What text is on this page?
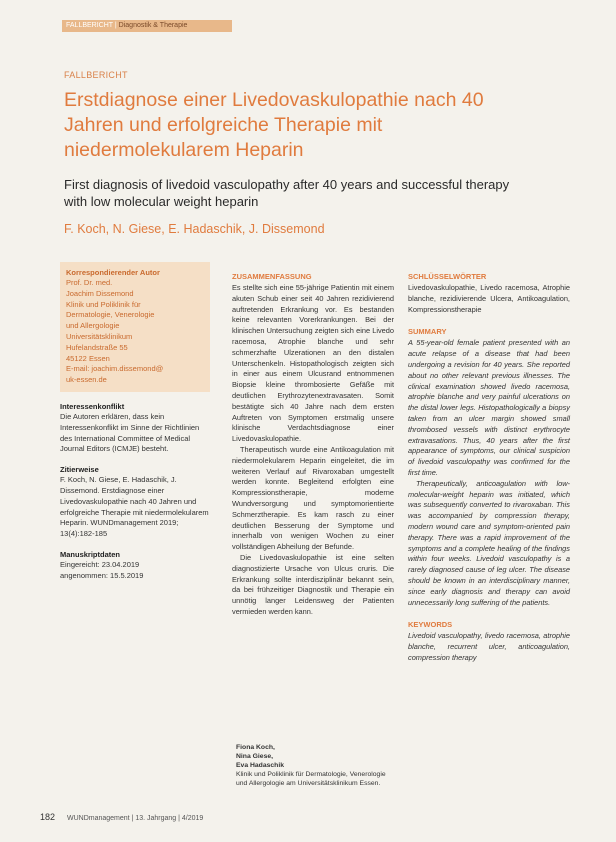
FALLBERICHT | Diagnostik & Therapie
FALLBERICHT
Erstdiagnose einer Livedovaskulopathie nach 40 Jahren und erfolgreiche Therapie mit niedermolekularem Heparin
First diagnosis of livedoid vasculopathy after 40 years and successful therapy with low molecular weight heparin
F. Koch, N. Giese, E. Hadaschik, J. Dissemond
Korrespondierender Autor
Prof. Dr. med.
Joachim Dissemond
Klinik und Poliklinik für
Dermatologie, Venerologie
und Allergologie
Universitätsklinikum
Hufelandstraße 55
45122 Essen
E-mail: joachim.dissemond@
uk-essen.de
Interessenkonflikt
Die Autoren erklären, dass kein Interessenkonflikt im Sinne der Richtlinien des International Committee of Medical Journal Editors (ICMJE) besteht.
Zitierweise
F. Koch, N. Giese, E. Hadaschik, J. Dissemond. Erstdiagnose einer Livedovaskulopathie nach 40 Jahren und erfolgreiche Therapie mit niedermolekularem Heparin. WUNDmanagement 2019; 13(4):182-185
Manuskriptdaten
Eingereicht: 23.04.2019
angenommen: 15.5.2019
ZUSAMMENFASSUNG
Es stellte sich eine 55-jährige Patientin mit einem akuten Schub einer seit 40 Jahren rezidivierend auftretenden Erkrankung vor. Es bestanden keine relevanten Vorerkrankungen. Bei der klinischen Untersuchung zeigten sich eine Livedo racemosa, Atrophie blanche und sehr schmerzhafte Ulzerationen an den distalen Unterschenkeln. Histopathologisch zeigten sich in einer aus einem Ulcusrand entnommenen Biopsie kleine thrombosierte Gefäße mit deutlichen Erythrozytenextravasaten. Somit bestätigte sich 40 Jahre nach dem ersten Auftreten von Symptomen erstmalig unsere klinische Verdachtsdiagnose einer Livedovaskulopathie.
Therapeutisch wurde eine Antikoagulation mit niedermolekularem Heparin eingeleitet, die im weiteren Verlauf auf Rivaroxaban umgestellt werden konnte. Begleitend erfolgten eine Kompressionstherapie, moderne Wundversorgung und symptomorientierte Schmerztherapie. Es kam rasch zu einer deutlichen Besserung der Symptome und innerhalb von wenigen Wochen zu einer vollständigen Abheilung der Befunde.
Die Livedovaskulopathie ist eine selten diagnostizierte Ursache von Ulcus cruris. Die Erkrankung sollte interdisziplinär bekannt sein, da bei frühzeitiger Diagnostik und Therapie ein unnötig langer Leidensweg der Patienten vermieden werden kann.
SCHLÜSSELWÖRTER
Livedovaskulopathie, Livedo racemosa, Atrophie blanche, rezidivierende Ulcera, Antikoagulation, Kompressionstherapie
SUMMARY
A 55-year-old female patient presented with an acute relapse of a disease that had been undergoing a revision for 40 years. She reported about no other relevant previous illnesses. The clinical examination showed livedo racemosa, atrophie blanche and very painful ulcerations on the distal lower legs. Histopathologically a biopsy taken from an ulcer margin showed small thrombosed vessels with distinct erythrocyte extravasations. Thus, 40 years after the first appearance of symptoms, our clinical suspicion of livedoid vasculopathy was confirmed for the first time.
Therapeutically, anticoagulation with low-molecular-weight heparin was initiated, which was subsequently converted to rivaroxaban. This was accompanied by compression therapy, modern wound care and symptom-oriented pain therapy. There was a rapid improvement of the symptoms and a complete healing of the findings within four weeks. Livedoid vasculopathy is a rarely diagnosed cause of leg ulcer. The disease should be known in an interdisciplinary manner, since early diagnosis and therapy can avoid unnecessarily long suffering of the patients.
KEYWORDS
Livedoid vasculopathy, livedo racemosa, atrophie blanche, recurrent ulcer, anticoagulation, compression therapy
Fiona Koch,
Nina Giese,
Eva Hadaschik
Klinik und Poliklinik für Dermatologie, Venerologie und Allergologie am Universitätsklinikum Essen.
182 WUNDmanagement | 13. Jahrgang | 4/2019
